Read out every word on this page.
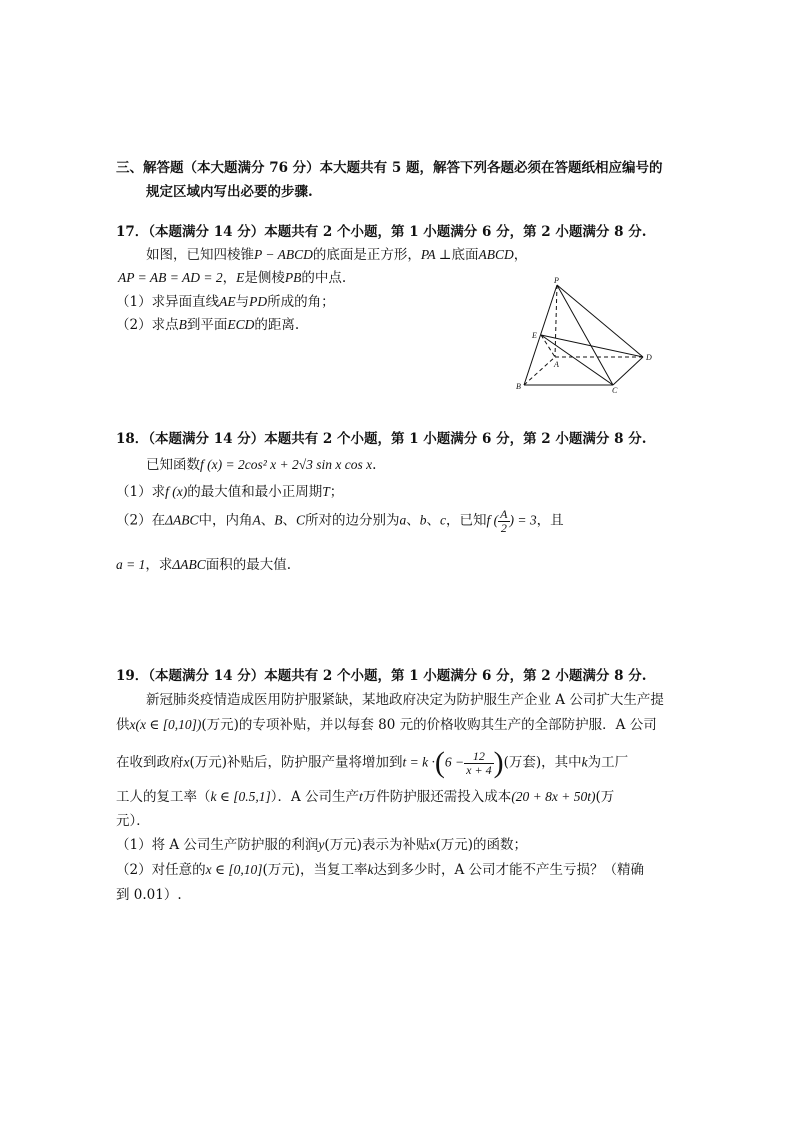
三、解答题（本大题满分 76 分）本大题共有 5 题，解答下列各题必须在答题纸相应编号的
规定区域内写出必要的步骤.
17．（本题满分 14 分）本题共有 2 个小题，第 1 小题满分 6 分，第 2 小题满分 8 分.
如图，已知四棱锥P − ABCD的底面是正方形，PA ⊥底面ABCD，
AP = AB = AD = 2，E是侧棱PB的中点.
（1）求异面直线AE与PD所成的角；
（2）求点B到平面ECD的距离.
P
E
A
D
B	C
18．（本题满分 14 分）本题共有 2 个小题，第 1 小题满分 6 分，第 2 小题满分 8 分.
已知函数f (x) = 2cos² x + 2√3 sin x cos x.
（1）求f (x)的最大值和最小正周期T；
（2）在ΔABC中，内角A、B、C所对的边分别为a、b、c，已知f ( $\frac{A}{2}$ ) = 3，且
a = 1，求ΔABC面积的最大值.
19．（本题满分 14 分）本题共有 2 个小题，第 1 小题满分 6 分，第 2 小题满分 8 分.
新冠肺炎疫情造成医用防护服紧缺，某地政府决定为防护服生产企业 A 公司扩大生产提
供x(x ∈ [0,10])(万元)的专项补贴，并以每套 80 元的价格收购其生产的全部防护服．A 公司
在收到政府x(万元)补贴后，防护服产量将增加到$t = k \cdot(6 - \frac{12}{x + 4}$ )(万套)，其中k为工厂
工人的复工率（k ∈ [0.5,1]）．A 公司生产t万件防护服还需投入成本(20 + 8x + 50t)(万
元）．
（1）将 A 公司生产防护服的利润y(万元)表示为补贴x(万元)的函数；
（2）对任意的x ∈ [0,10](万元)，当复工率k达到多少时，A 公司才能不产生亏损？（精确
到 0.01）.
